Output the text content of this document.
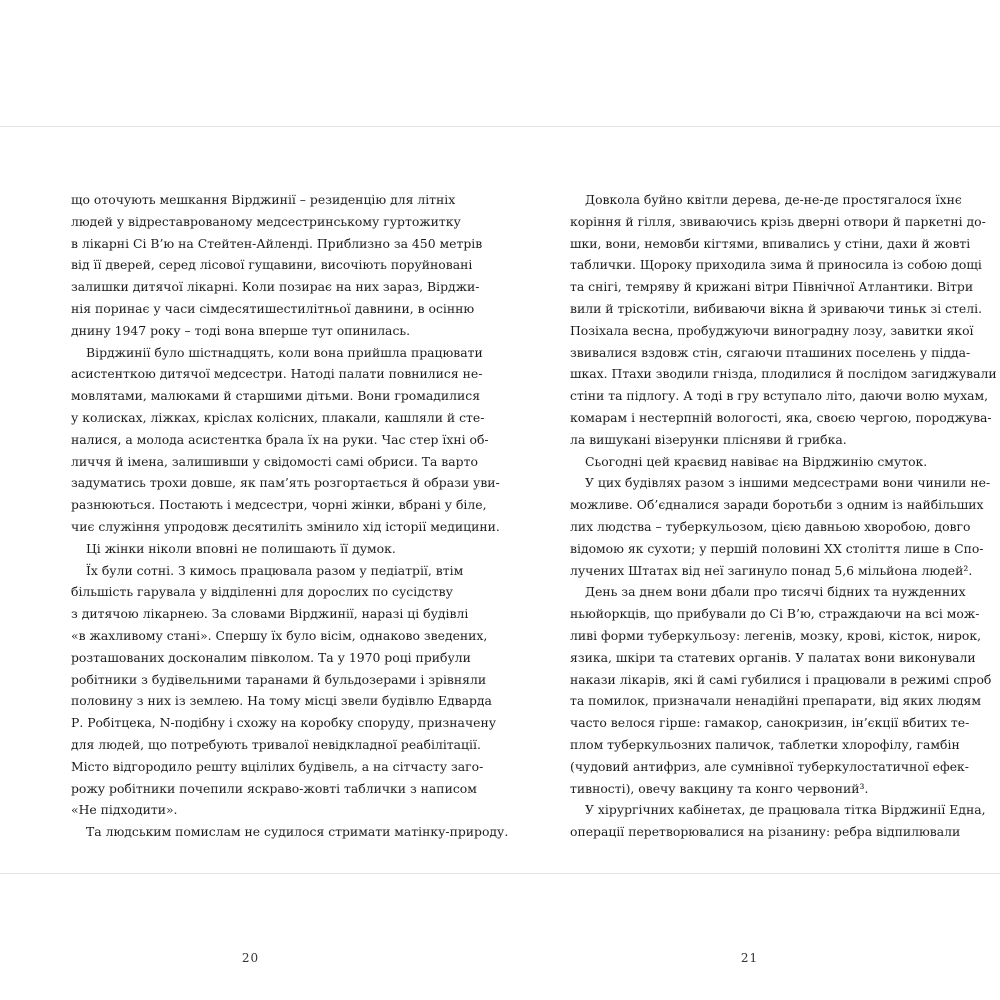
що оточують мешкання Вірджинії – резиденцію для літніх

людей у відреставрованому медсестринському гуртожитку

в лікарні Сі В’ю на Стейтен-Айленді. Приблизно за 450 метрів

від її дверей, серед лісової гущавини, височіють поруйновані

залишки дитячої лікарні. Коли позирає на них зараз, Вірджи-

нія поринає у часи сімдесятишестилітньої давнини, в осінню

днину 1947 року – тоді вона вперше тут опинилась.

Вірджинії було шістнадцять, коли вона прийшла працювати

асистенткою дитячої медсестри. Натоді палати повнилися не-

мовлятами, малюками й старшими дітьми. Вони громадилися

у колисках, ліжках, кріслах колісних, плакали, кашляли й сте-

налися, а молода асистентка брала їх на руки. Час стер їхні об-

личчя й імена, залишивши у свідомості самі обриси. Та варто

задуматись трохи довше, як пам’ять розгортається й образи уви-

разнюються. Постають і медсестри, чорні жінки, вбрані у біле,

чиє служіння упродовж десятиліть змінило хід історії медицини.

Ці жінки ніколи вповні не полишають її думок.

Їх були сотні. З кимось працювала разом у педіатрії, втім

більшість гарувала у відділенні для дорослих по сусідству

з дитячою лікарнею. За словами Вірджинії, наразі ці будівлі

«в жахливому стані». Спершу їх було вісім, однаково зведених,

розташованих досконалим півколом. Та у 1970 році прибули

робітники з будівельними таранами й бульдозерами і зрівняли

половину з них із землею. На тому місці звели будівлю Едварда

Р. Робітцека, N-подібну і схожу на коробку споруду, призначену

для людей, що потребують тривалої невідкладної реабілітації.

Місто відгородило решту вцілілих будівель, а на сітчасту заго-

рожу робітники почепили яскраво-жовті таблички з написом

«Не підходити».

Та людським помислам не судилося стримати матінку-природу.

Довкола буйно квітли дерева, де-не-де простягалося їхнє

коріння й гілля, звиваючись крізь дверні отвори й паркетні до-

шки, вони, немовби кігтями, впивались у стіни, дахи й жовті

таблички. Щороку приходила зима й приносила із собою дощі

та снігі, темряву й крижані вітри Північної Атлантики. Вітри

вили й тріскотіли, вибиваючи вікна й зриваючи тиньк зі стелі.

Позіхала весна, пробуджуючи виноградну лозу, завитки якої

звивалися вздовж стін, сягаючи пташиних поселень у підда-

шках. Птахи зводили гнізда, плодилися й послідом загиджували

стіни та підлогу. А тоді в гру вступало літо, даючи волю мухам,

комарам і нестерпній вологості, яка, своєю чергою, породжува-

ла вишукані візерунки плісняви й грибка.

Сьогодні цей краєвид навіває на Вірджинію смуток.

У цих будівлях разом з іншими медсестрами вони чинили не-

можливе. Об’єдналися заради боротьби з одним із найбільших

лих людства – туберкульозом, цією давньою хворобою, довго

відомою як сухоти; у першій половині XX століття лише в Спо-

лучених Штатах від неї загинуло понад 5,6 мільйона людей².

День за днем вони дбали про тисячі бідних та нужденних

ньюйоркців, що прибували до Сі В’ю, страждаючи на всі мож-

ливі форми туберкульозу: легенів, мозку, крові, кісток, нирок,

язика, шкіри та статевих органів. У палатах вони виконували

накази лікарів, які й самі губилися і працювали в режимі спроб

та помилок, призначали ненадійні препарати, від яких людям

часто велося гірше: гамакор, санокризин, ін’єкції вбитих те-

плом туберкульозних паличок, таблетки хлорофілу, гамбін

(чудовий антифриз, але сумнівної туберкулостатичної ефек-

тивності), овечу вакцину та конго червоний³.

У хірургічних кабінетах, де працювала тітка Вірджинії Една,

операції перетворювалися на різанину: ребра відпилювали

20	21
